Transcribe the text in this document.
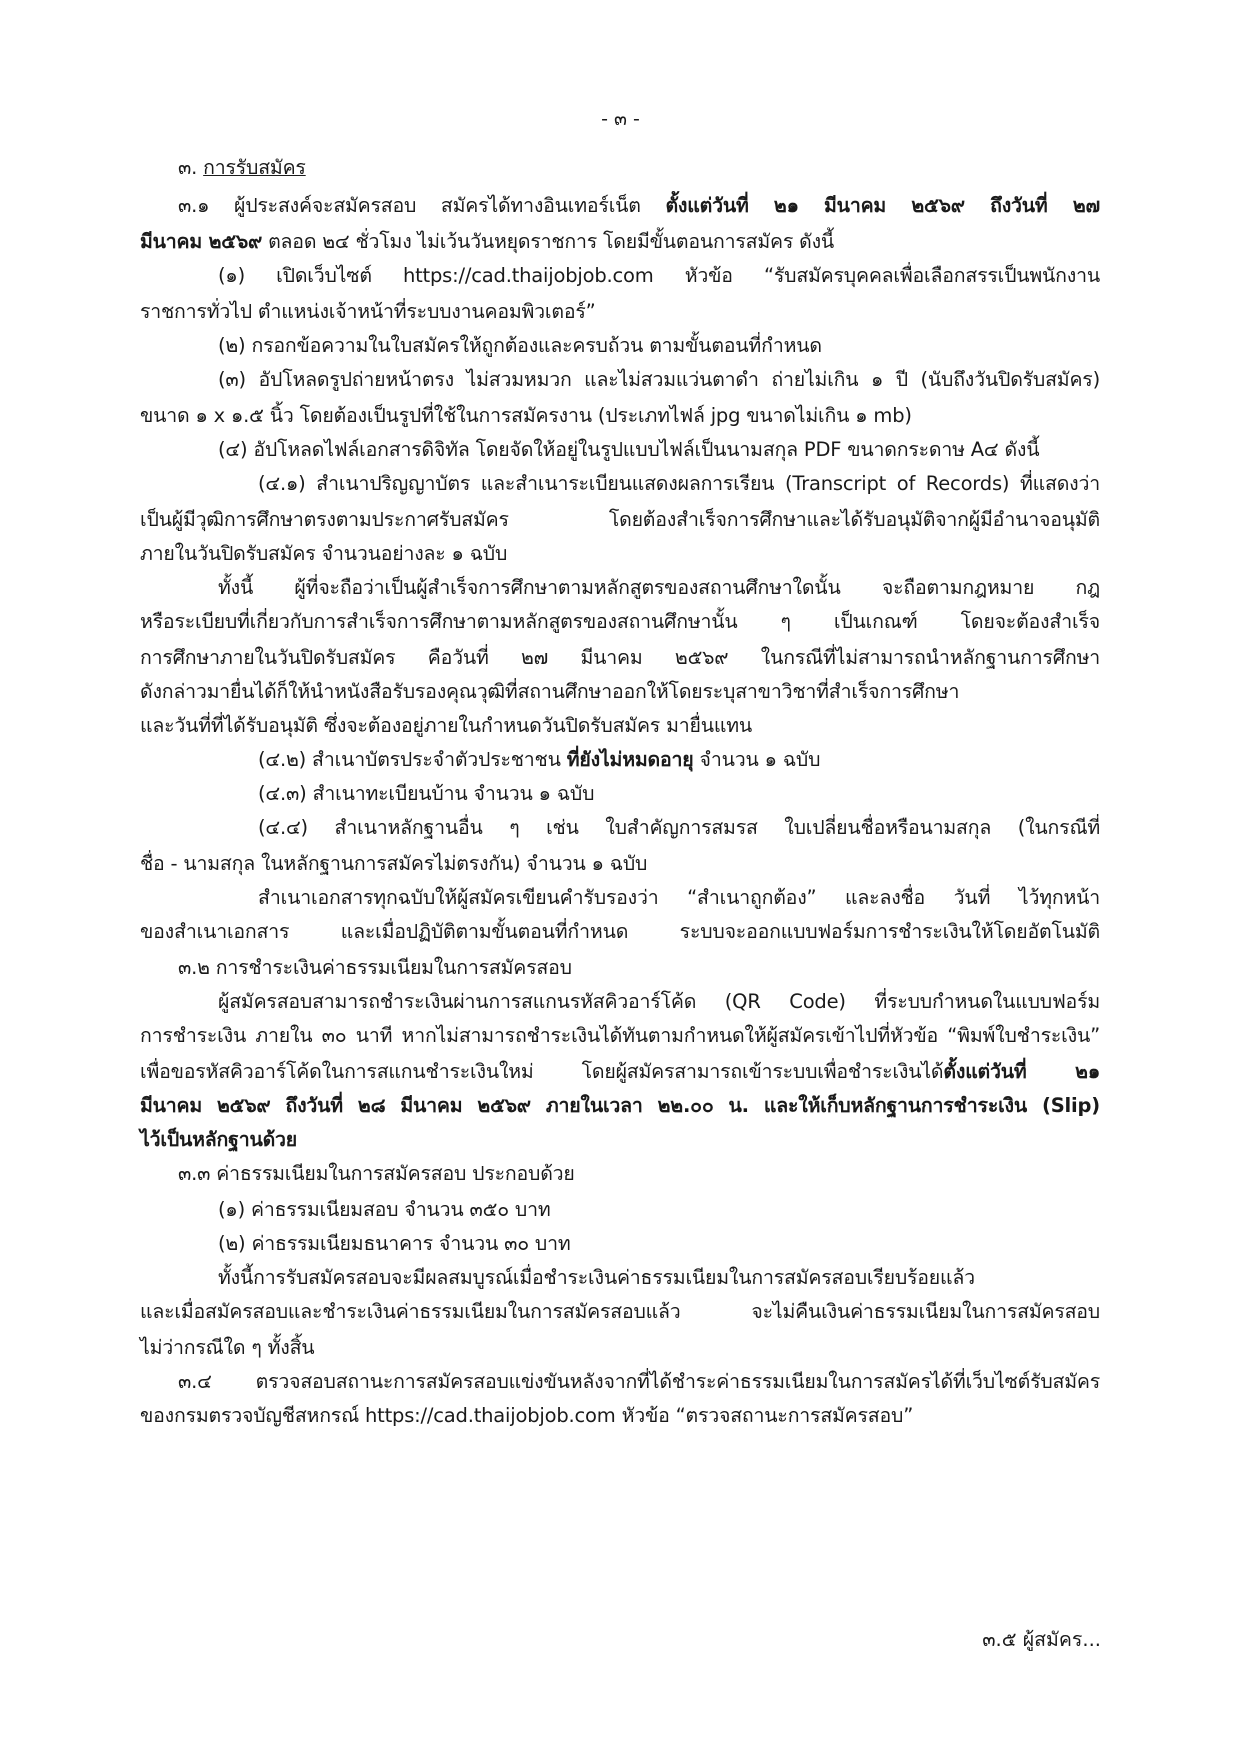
- ๓ -
๓. การรับสมัคร
๓.๑ ผู้ประสงค์จะสมัครสอบ สมัครได้ทางอินเทอร์เน็ต ตั้งแต่วันที่ ๒๑ มีนาคม ๒๕๖๙ ถึงวันที่ ๒๗
มีนาคม ๒๕๖๙ ตลอด ๒๔ ชั่วโมง ไม่เว้นวันหยุดราชการ โดยมีขั้นตอนการสมัคร ดังนี้
(๑) เปิดเว็บไซต์ https://cad.thaijobjob.com หัวข้อ “รับสมัครบุคคลเพื่อเลือกสรรเป็นพนักงาน
ราชการทั่วไป ตำแหน่งเจ้าหน้าที่ระบบงานคอมพิวเตอร์”
(๒) กรอกข้อความในใบสมัครให้ถูกต้องและครบถ้วน ตามขั้นตอนที่กำหนด
(๓) อัปโหลดรูปถ่ายหน้าตรง ไม่สวมหมวก และไม่สวมแว่นตาดำ ถ่ายไม่เกิน ๑ ปี (นับถึงวันปิดรับสมัคร)
ขนาด ๑ x ๑.๕ นิ้ว โดยต้องเป็นรูปที่ใช้ในการสมัครงาน (ประเภทไฟล์ jpg ขนาดไม่เกิน ๑ mb)
(๔) อัปโหลดไฟล์เอกสารดิจิทัล โดยจัดให้อยู่ในรูปแบบไฟล์เป็นนามสกุล PDF ขนาดกระดาษ A๔ ดังนี้
(๔.๑) สำเนาปริญญาบัตร และสำเนาระเบียนแสดงผลการเรียน (Transcript of Records) ที่แสดงว่า
เป็นผู้มีวุฒิการศึกษาตรงตามประกาศรับสมัคร โดยต้องสำเร็จการศึกษาและได้รับอนุมัติจากผู้มีอำนาจอนุมัติ
ภายในวันปิดรับสมัคร จำนวนอย่างละ ๑ ฉบับ
ทั้งนี้ ผู้ที่จะถือว่าเป็นผู้สำเร็จการศึกษาตามหลักสูตรของสถานศึกษาใดนั้น จะถือตามกฎหมาย กฎ
หรือระเบียบที่เกี่ยวกับการสำเร็จการศึกษาตามหลักสูตรของสถานศึกษานั้น ๆ เป็นเกณฑ์ โดยจะต้องสำเร็จ
การศึกษาภายในวันปิดรับสมัคร คือวันที่ ๒๗ มีนาคม ๒๕๖๙ ในกรณีที่ไม่สามารถนำหลักฐานการศึกษา
ดังกล่าวมายื่นได้ก็ให้นำหนังสือรับรองคุณวุฒิที่สถานศึกษาออกให้โดยระบุสาขาวิชาที่สำเร็จการศึกษา
และวันที่ที่ได้รับอนุมัติ ซึ่งจะต้องอยู่ภายในกำหนดวันปิดรับสมัคร มายื่นแทน
(๔.๒) สำเนาบัตรประจำตัวประชาชน ที่ยังไม่หมดอายุ จำนวน ๑ ฉบับ
(๔.๓) สำเนาทะเบียนบ้าน จำนวน ๑ ฉบับ
(๔.๔) สำเนาหลักฐานอื่น ๆ เช่น ใบสำคัญการสมรส ใบเปลี่ยนชื่อหรือนามสกุล (ในกรณีที่
ชื่อ - นามสกุล ในหลักฐานการสมัครไม่ตรงกัน) จำนวน ๑ ฉบับ
สำเนาเอกสารทุกฉบับให้ผู้สมัครเขียนคำรับรองว่า “สำเนาถูกต้อง” และลงชื่อ วันที่ ไว้ทุกหน้า
ของสำเนาเอกสาร และเมื่อปฏิบัติตามขั้นตอนที่กำหนด ระบบจะออกแบบฟอร์มการชำระเงินให้โดยอัตโนมัติ
๓.๒ การชำระเงินค่าธรรมเนียมในการสมัครสอบ
ผู้สมัครสอบสามารถชำระเงินผ่านการสแกนรหัสคิวอาร์โค้ด (QR Code) ที่ระบบกำหนดในแบบฟอร์ม
การชำระเงิน ภายใน ๓๐ นาที หากไม่สามารถชำระเงินได้ทันตามกำหนดให้ผู้สมัครเข้าไปที่หัวข้อ “พิมพ์ใบชำระเงิน”
เพื่อขอรหัสคิวอาร์โค้ดในการสแกนชำระเงินใหม่ โดยผู้สมัครสามารถเข้าระบบเพื่อชำระเงินได้ตั้งแต่วันที่ ๒๑
มีนาคม ๒๕๖๙ ถึงวันที่ ๒๘ มีนาคม ๒๕๖๙ ภายในเวลา ๒๒.๐๐ น. และให้เก็บหลักฐานการชำระเงิน (Slip)
ไว้เป็นหลักฐานด้วย
๓.๓ ค่าธรรมเนียมในการสมัครสอบ ประกอบด้วย
(๑) ค่าธรรมเนียมสอบ จำนวน ๓๕๐ บาท
(๒) ค่าธรรมเนียมธนาคาร จำนวน ๓๐ บาท
ทั้งนี้การรับสมัครสอบจะมีผลสมบูรณ์เมื่อชำระเงินค่าธรรมเนียมในการสมัครสอบเรียบร้อยแล้ว
และเมื่อสมัครสอบและชำระเงินค่าธรรมเนียมในการสมัครสอบแล้ว จะไม่คืนเงินค่าธรรมเนียมในการสมัครสอบ
ไม่ว่ากรณีใด ๆ ทั้งสิ้น
๓.๔ ตรวจสอบสถานะการสมัครสอบแข่งขันหลังจากที่ได้ชำระค่าธรรมเนียมในการสมัครได้ที่เว็บไซต์รับสมัคร
ของกรมตรวจบัญชีสหกรณ์ https://cad.thaijobjob.com หัวข้อ “ตรวจสถานะการสมัครสอบ”
๓.๕ ผู้สมัคร...
